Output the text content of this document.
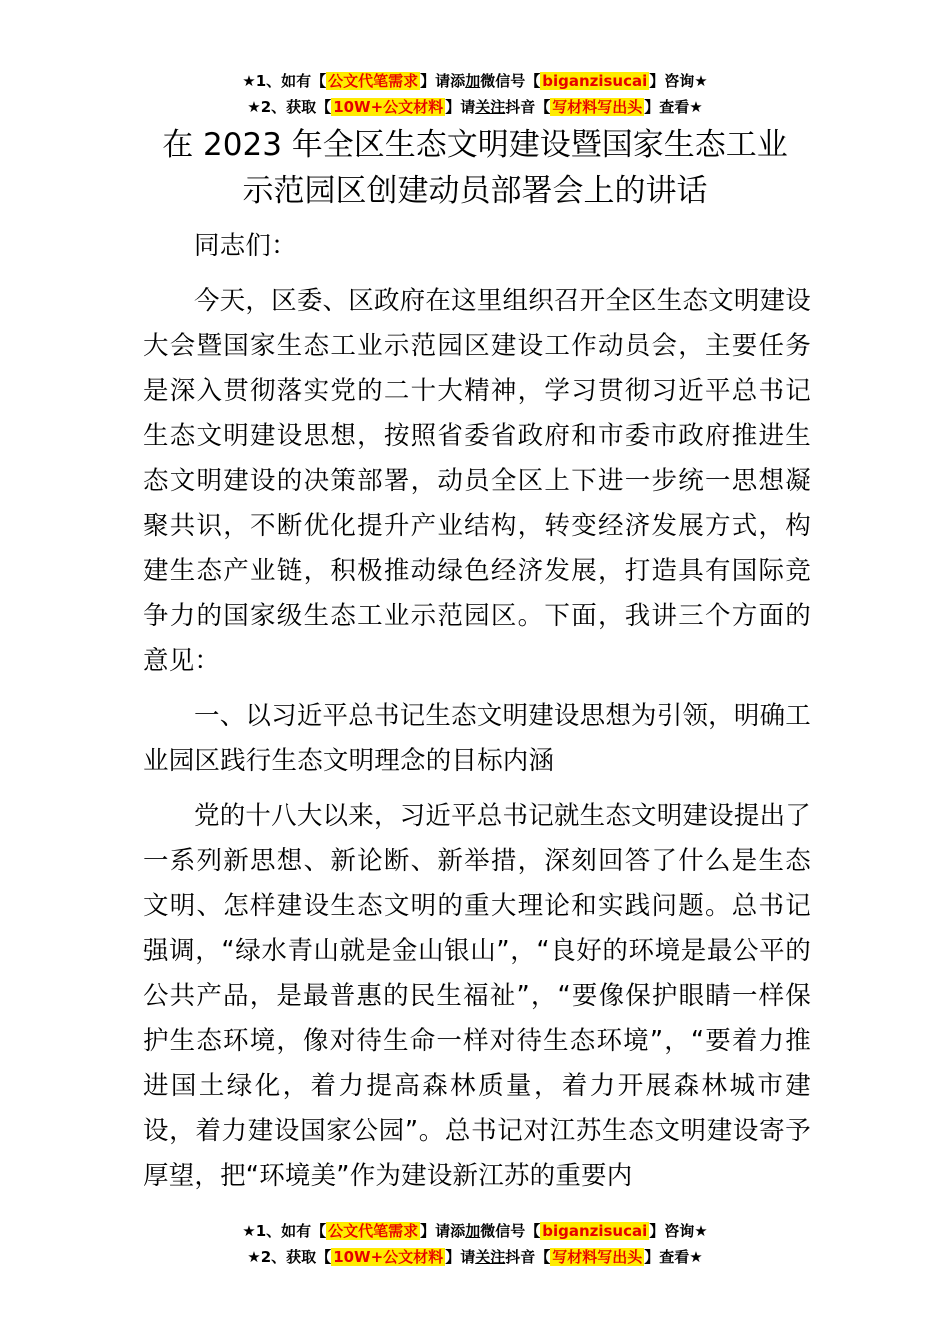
★1、如有【 公文代笔需求 】请添加微信号【 biganzisucai 】咨询★
★2、获取【 10W+公文材料 】请关注抖音【 写材料写出头 】查看★
在 2023 年全区生态文明建设暨国家生态工业
示范园区创建动员部署会上的讲话

同志们：

今天，区委、区政府在这里组织召开全区生态文明建设大会暨国家生态工业示范园区建设工作动员会，主要任务是深入贯彻落实党的二十大精神，学习贯彻习近平总书记生态文明建设思想，按照省委省政府和市委市政府推进生态文明建设的决策部署，动员全区上下进一步统一思想凝聚共识，不断优化提升产业结构，转变经济发展方式，构建生态产业链，积极推动绿色经济发展，打造具有国际竞争力的国家级生态工业示范园区。下面，我讲三个方面的意见：

一、以习近平总书记生态文明建设思想为引领，明确工业园区践行生态文明理念的目标内涵

党的十八大以来，习近平总书记就生态文明建设提出了一系列新思想、新论断、新举措，深刻回答了什么是生态文明、怎样建设生态文明的重大理论和实践问题。总书记强调，“绿水青山就是金山银山”，“良好的环境是最公平的公共产品，是最普惠的民生福祉”，“要像保护眼睛一样保护生态环境，像对待生命一样对待生态环境”，“要着力推进国土绿化，着力提高森林质量，着力开展森林城市建设，着力建设国家公园”。总书记对江苏生态文明建设寄予厚望，把“环境美”作为建设新江苏的重要内

★1、如有【 公文代笔需求 】请添加微信号【 biganzisucai 】咨询★
★2、获取【 10W+公文材料 】请关注抖音【 写材料写出头 】查看★
